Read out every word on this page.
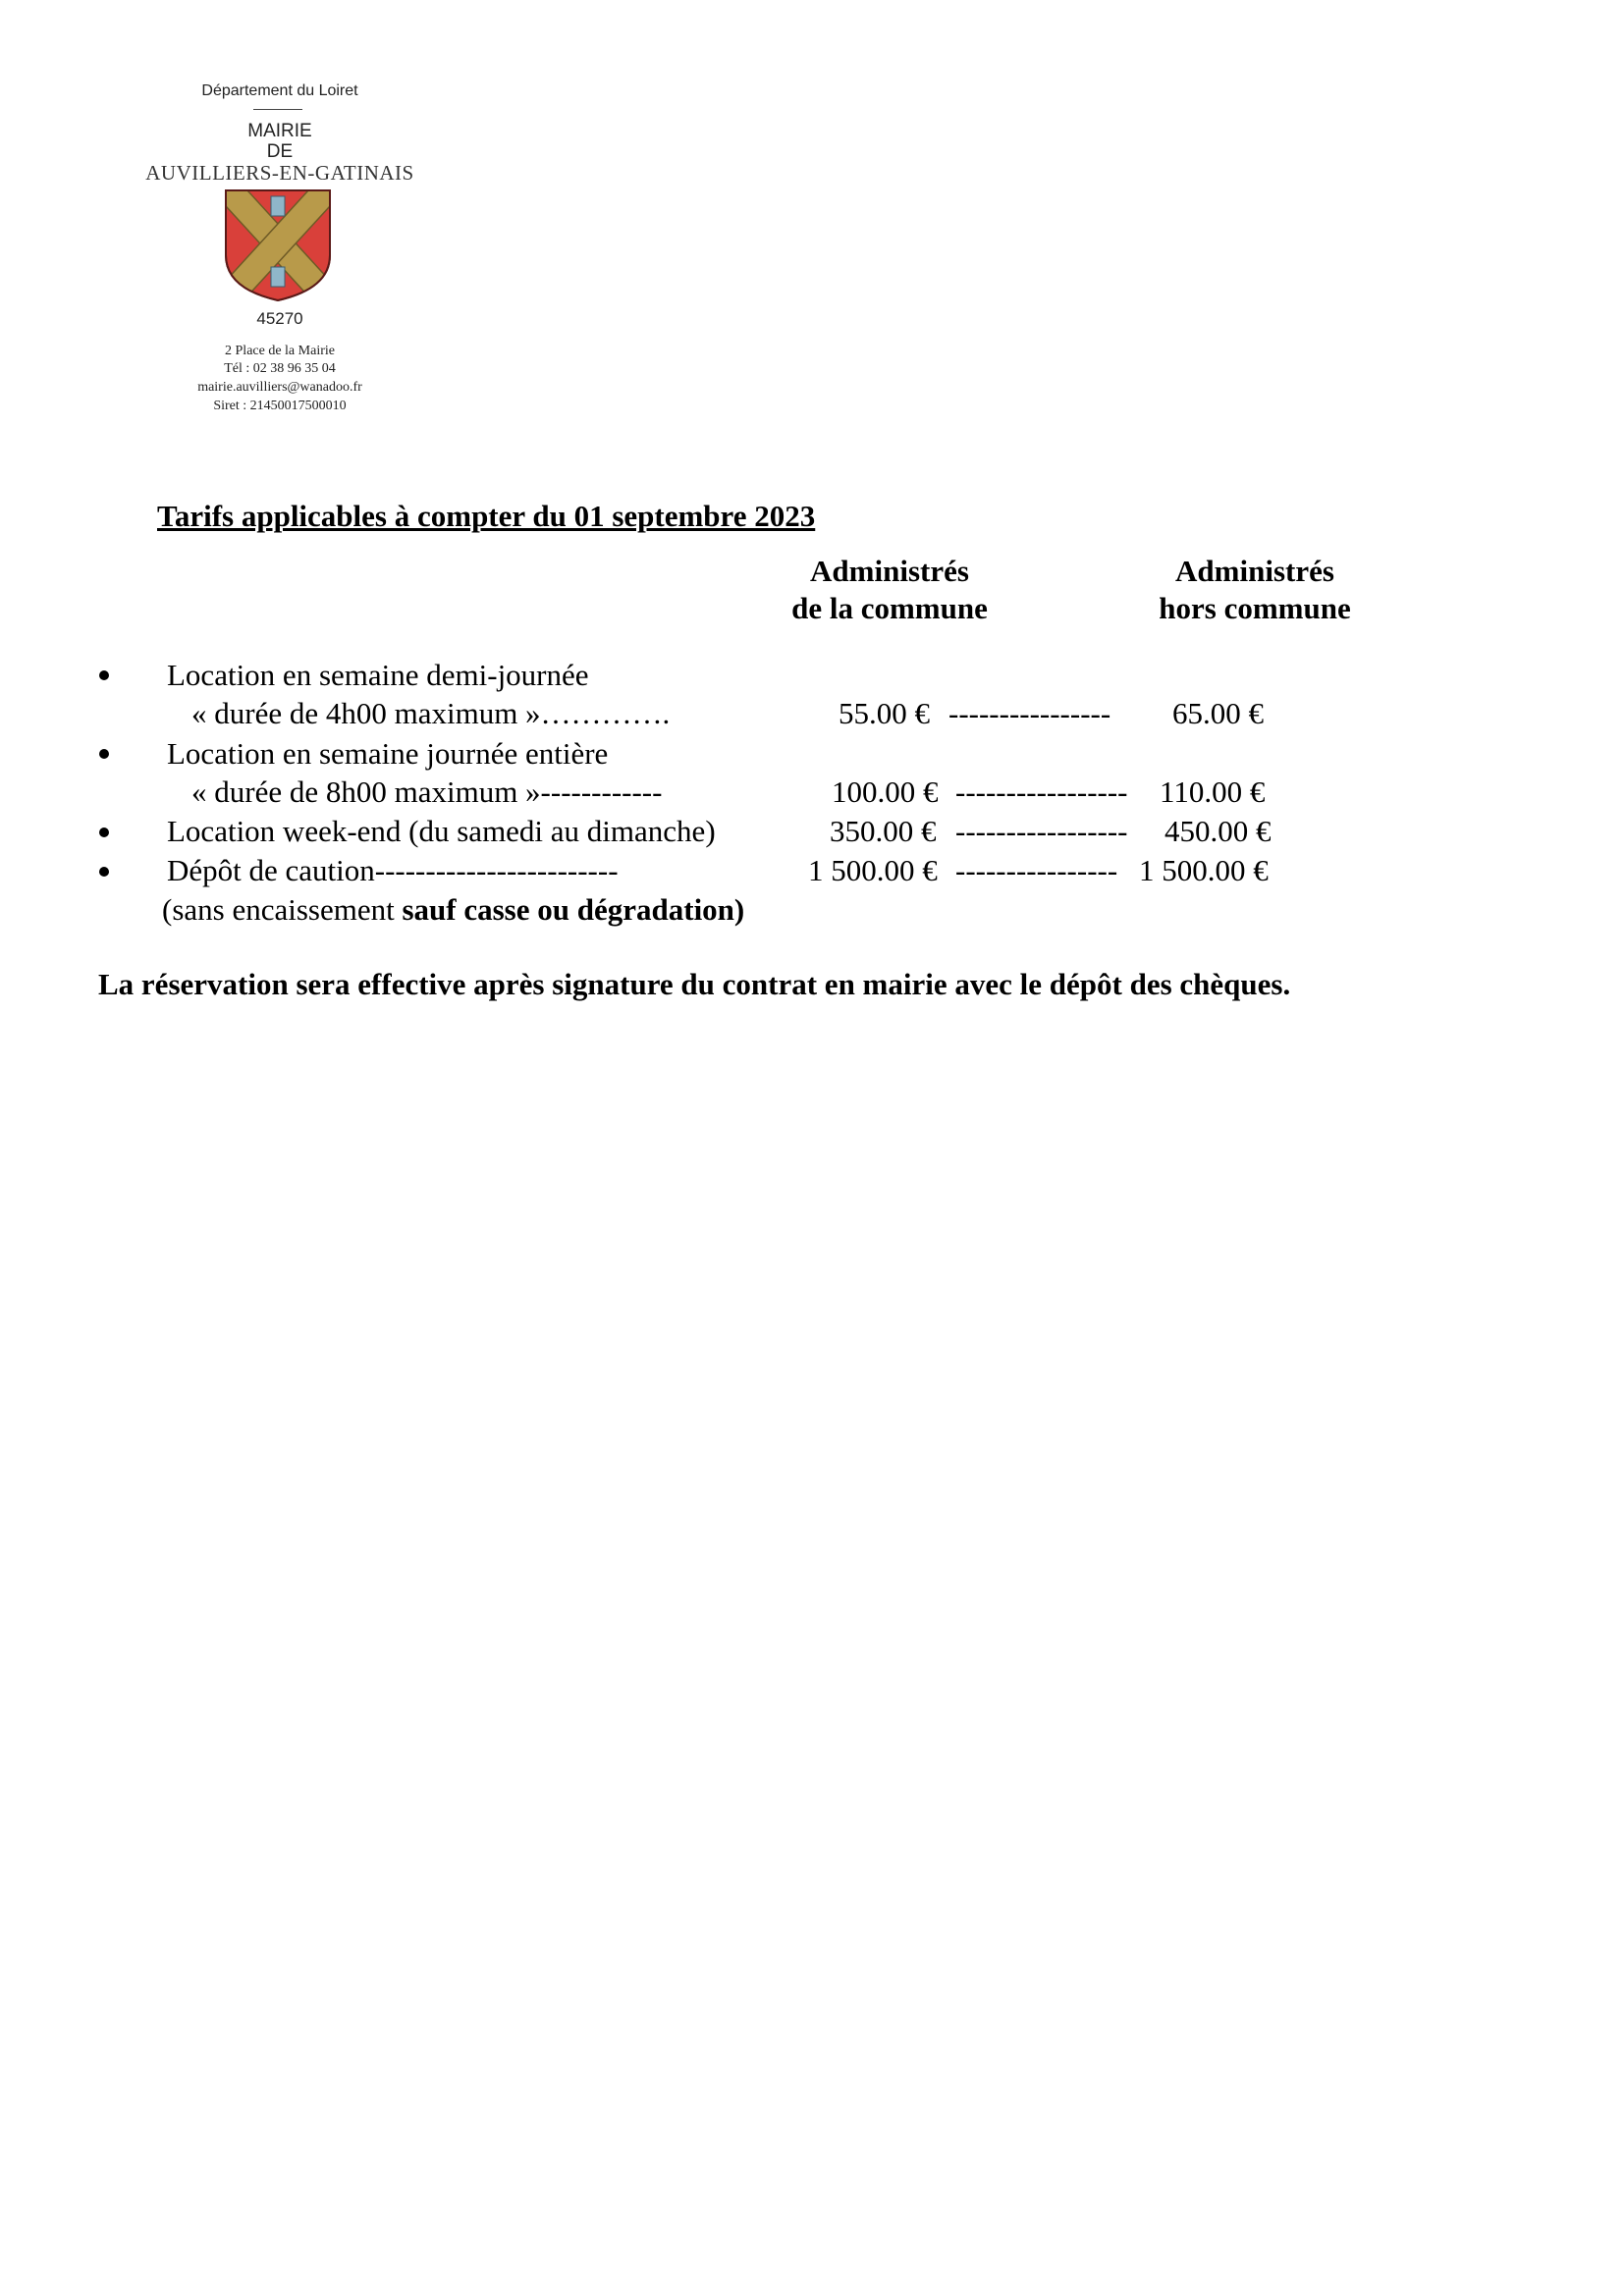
Département du Loiret
MAIRIE
DE
AUVILLIERS-EN-GATINAIS
45270
2 Place de la Mairie
Tél : 02 38 96 35 04
mairie.auvilliers@wanadoo.fr
Siret : 21450017500010
Tarifs applicables à compter du 01 septembre 2023
Administrés
de la commune
Administrés
hors commune
Location en semaine demi-journée
« durée de 4h00 maximum »………….	55.00 € ---------------- 65.00 €
Location en semaine journée entière
« durée de 8h00 maximum »------------	100.00 € ----------------- 110.00 €
Location week-end (du samedi au dimanche)	350.00 € ----------------- 450.00 €
Dépôt de caution------------------------	1 500.00 € ---------------- 1 500.00 €
(sans encaissement sauf casse ou dégradation)
La réservation sera effective après signature du contrat en mairie avec le dépôt des chèques.
